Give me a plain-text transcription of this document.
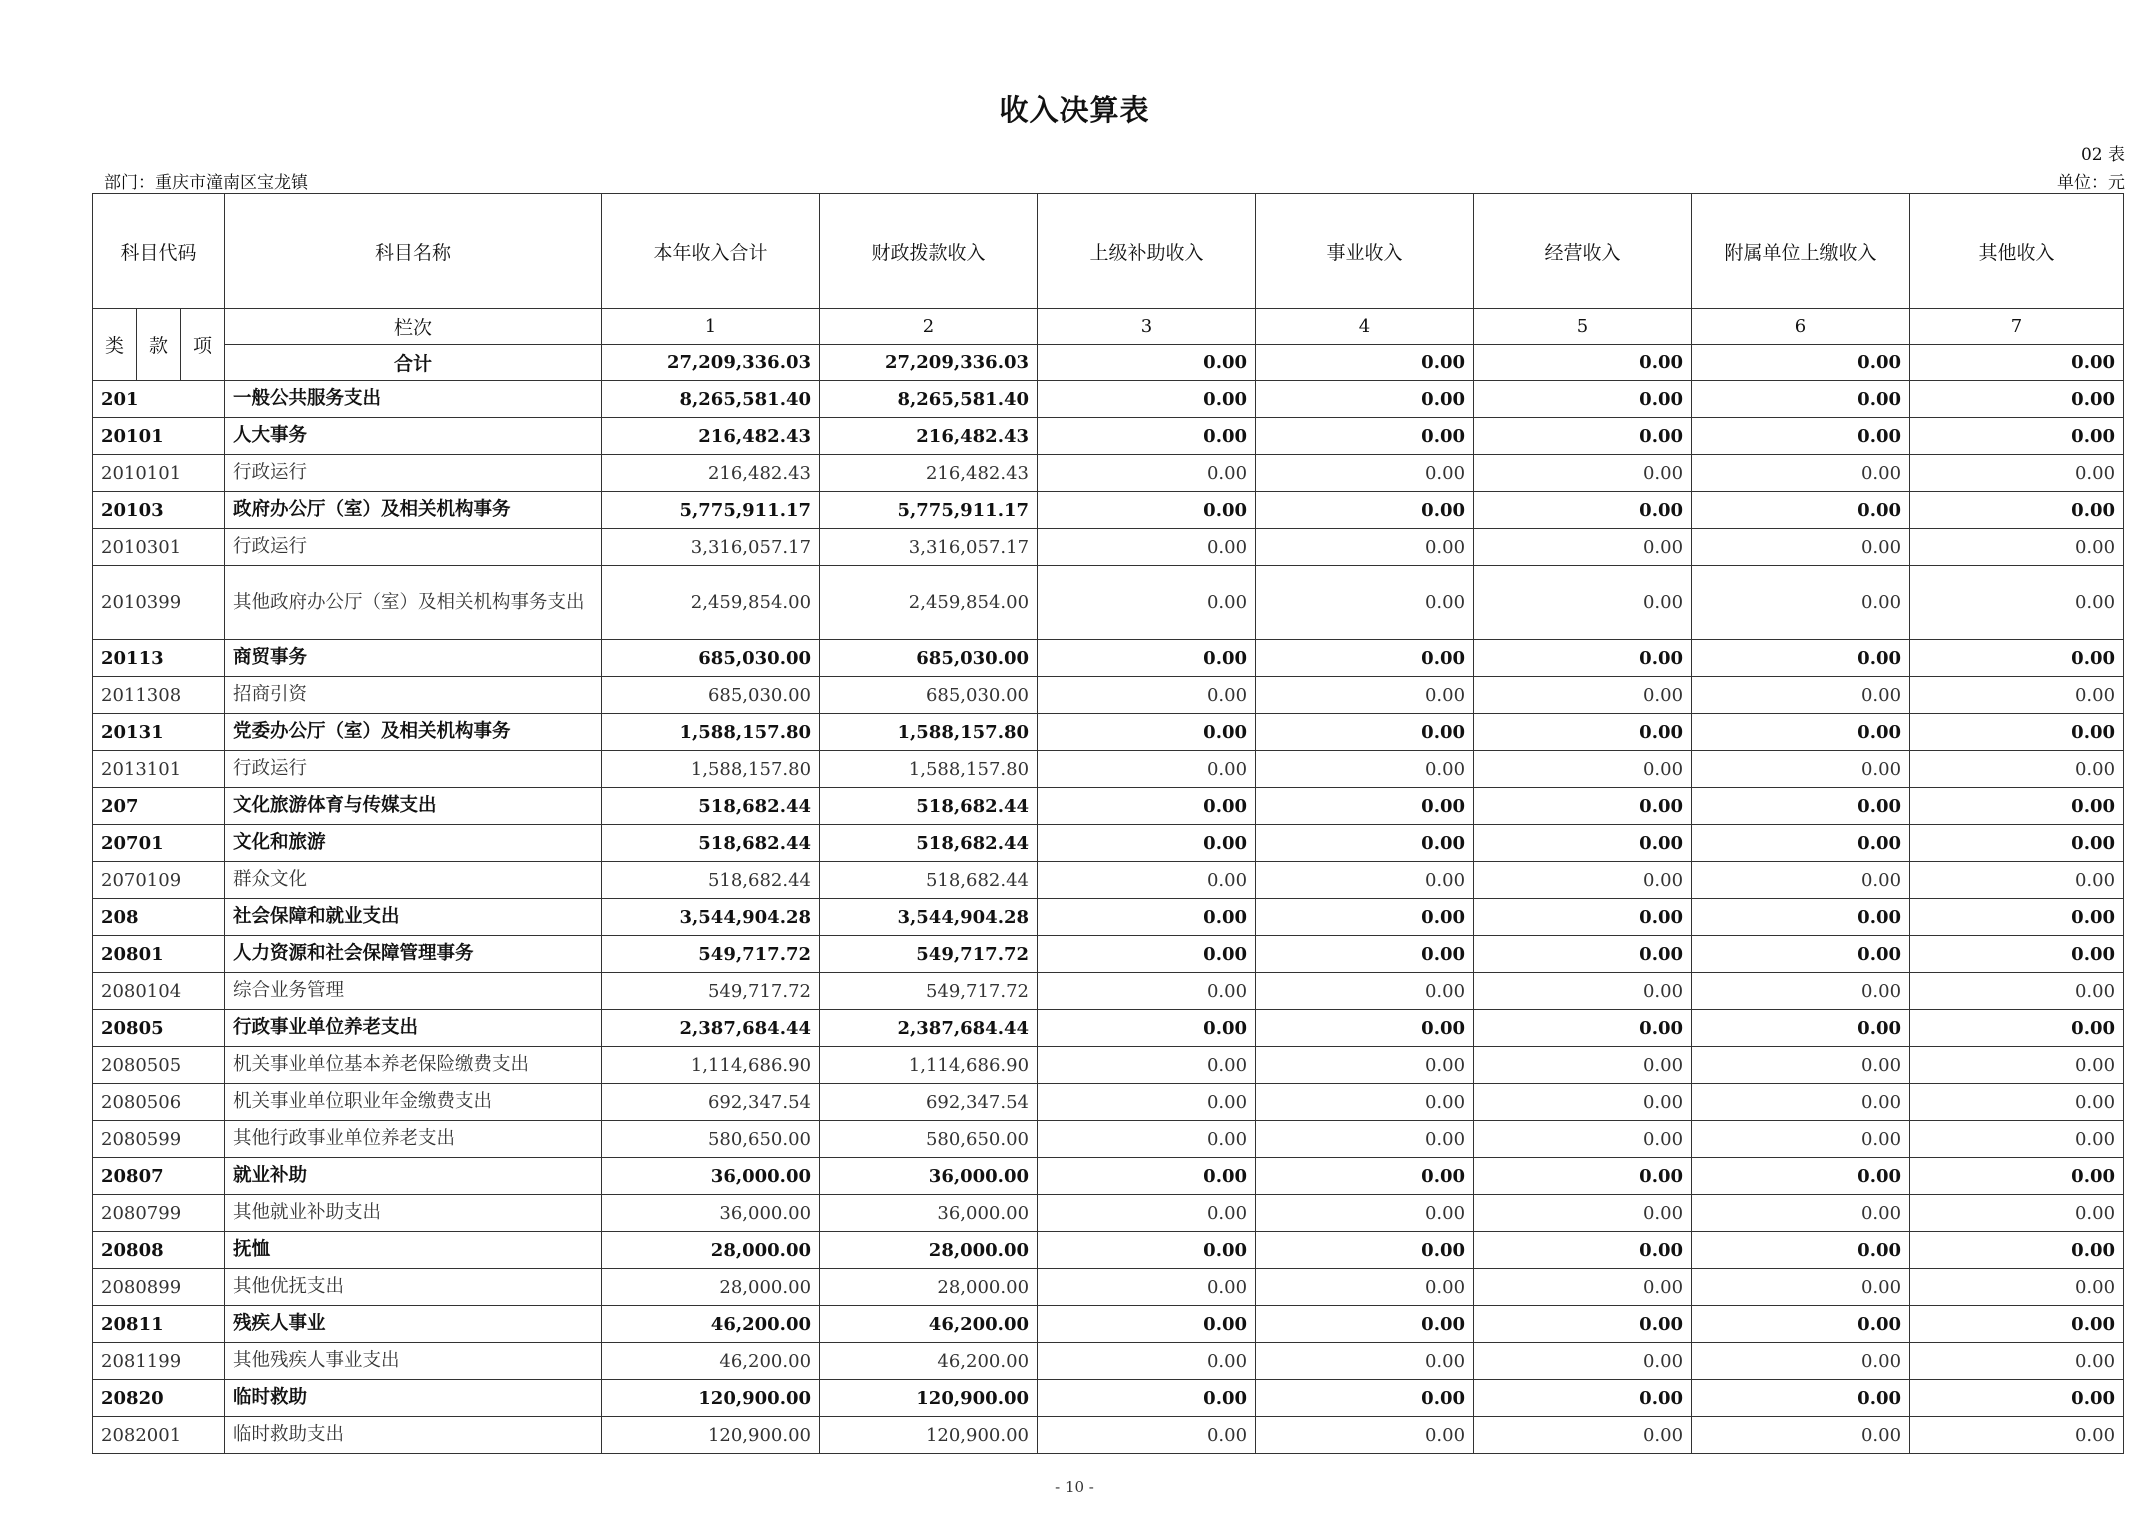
收入决算表
02 表
部门：重庆市潼南区宝龙镇	单位：元
科目代码			科目名称	本年收入合计	财政拨款收入	上级补助收入	事业收入	经营收入	附属单位上缴收入	其他收入
类	款	项	栏次	1	2	3	4	5	6	7
			合计	27,209,336.03	27,209,336.03	0.00	0.00	0.00	0.00	0.00
201			一般公共服务支出	8,265,581.40	8,265,581.40	0.00	0.00	0.00	0.00	0.00
20101			人大事务	216,482.43	216,482.43	0.00	0.00	0.00	0.00	0.00
2010101			行政运行	216,482.43	216,482.43	0.00	0.00	0.00	0.00	0.00
20103			政府办公厅（室）及相关机构事务	5,775,911.17	5,775,911.17	0.00	0.00	0.00	0.00	0.00
2010301			行政运行	3,316,057.17	3,316,057.17	0.00	0.00	0.00	0.00	0.00
2010399			其他政府办公厅（室）及相关机构事务支出	2,459,854.00	2,459,854.00	0.00	0.00	0.00	0.00	0.00
20113			商贸事务	685,030.00	685,030.00	0.00	0.00	0.00	0.00	0.00
2011308			招商引资	685,030.00	685,030.00	0.00	0.00	0.00	0.00	0.00
20131			党委办公厅（室）及相关机构事务	1,588,157.80	1,588,157.80	0.00	0.00	0.00	0.00	0.00
2013101			行政运行	1,588,157.80	1,588,157.80	0.00	0.00	0.00	0.00	0.00
207			文化旅游体育与传媒支出	518,682.44	518,682.44	0.00	0.00	0.00	0.00	0.00
20701			文化和旅游	518,682.44	518,682.44	0.00	0.00	0.00	0.00	0.00
2070109			群众文化	518,682.44	518,682.44	0.00	0.00	0.00	0.00	0.00
208			社会保障和就业支出	3,544,904.28	3,544,904.28	0.00	0.00	0.00	0.00	0.00
20801			人力资源和社会保障管理事务	549,717.72	549,717.72	0.00	0.00	0.00	0.00	0.00
2080104			综合业务管理	549,717.72	549,717.72	0.00	0.00	0.00	0.00	0.00
20805			行政事业单位养老支出	2,387,684.44	2,387,684.44	0.00	0.00	0.00	0.00	0.00
2080505			机关事业单位基本养老保险缴费支出	1,114,686.90	1,114,686.90	0.00	0.00	0.00	0.00	0.00
2080506			机关事业单位职业年金缴费支出	692,347.54	692,347.54	0.00	0.00	0.00	0.00	0.00
2080599			其他行政事业单位养老支出	580,650.00	580,650.00	0.00	0.00	0.00	0.00	0.00
20807			就业补助	36,000.00	36,000.00	0.00	0.00	0.00	0.00	0.00
2080799			其他就业补助支出	36,000.00	36,000.00	0.00	0.00	0.00	0.00	0.00
20808			抚恤	28,000.00	28,000.00	0.00	0.00	0.00	0.00	0.00
2080899			其他优抚支出	28,000.00	28,000.00	0.00	0.00	0.00	0.00	0.00
20811			残疾人事业	46,200.00	46,200.00	0.00	0.00	0.00	0.00	0.00
2081199			其他残疾人事业支出	46,200.00	46,200.00	0.00	0.00	0.00	0.00	0.00
20820			临时救助	120,900.00	120,900.00	0.00	0.00	0.00	0.00	0.00
2082001			临时救助支出	120,900.00	120,900.00	0.00	0.00	0.00	0.00	0.00
- 10 -
